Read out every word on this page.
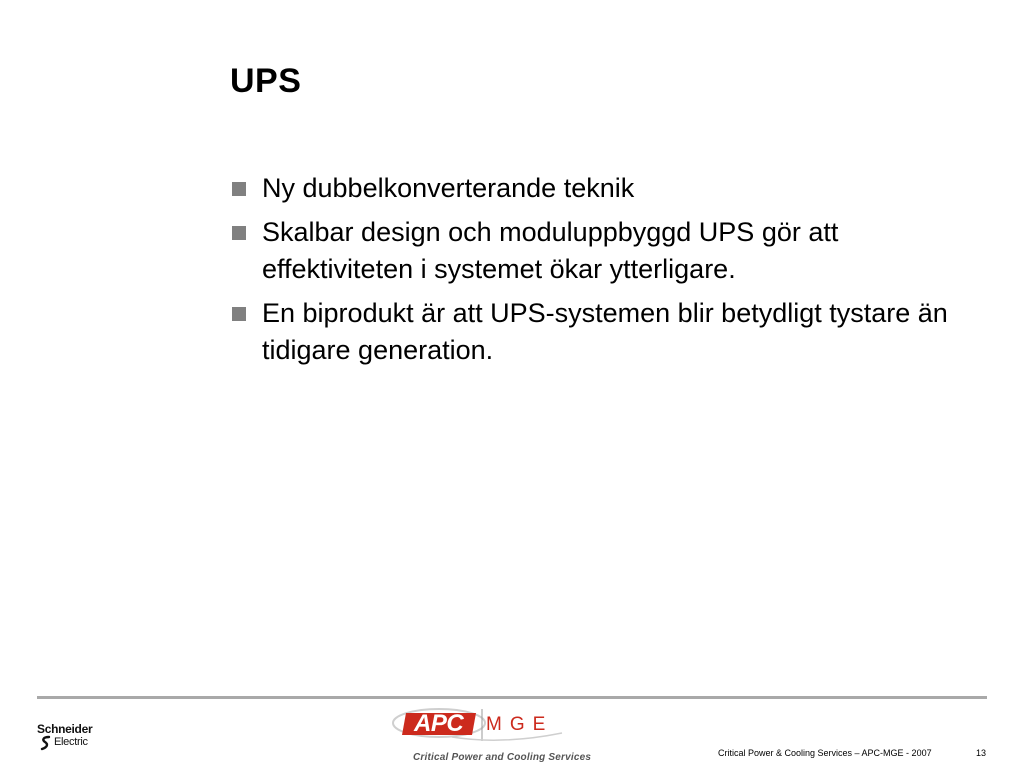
UPS
Ny dubbelkonverterande teknik
Skalbar design och moduluppbyggd UPS gör att effektiviteten i systemet ökar ytterligare.
En biprodukt är att UPS-systemen blir betydligt tystare än tidigare generation.
Schneider
Electric
APC MGE
Critical Power and Cooling Services	Critical Power & Cooling Services – APC-MGE - 2007	13
